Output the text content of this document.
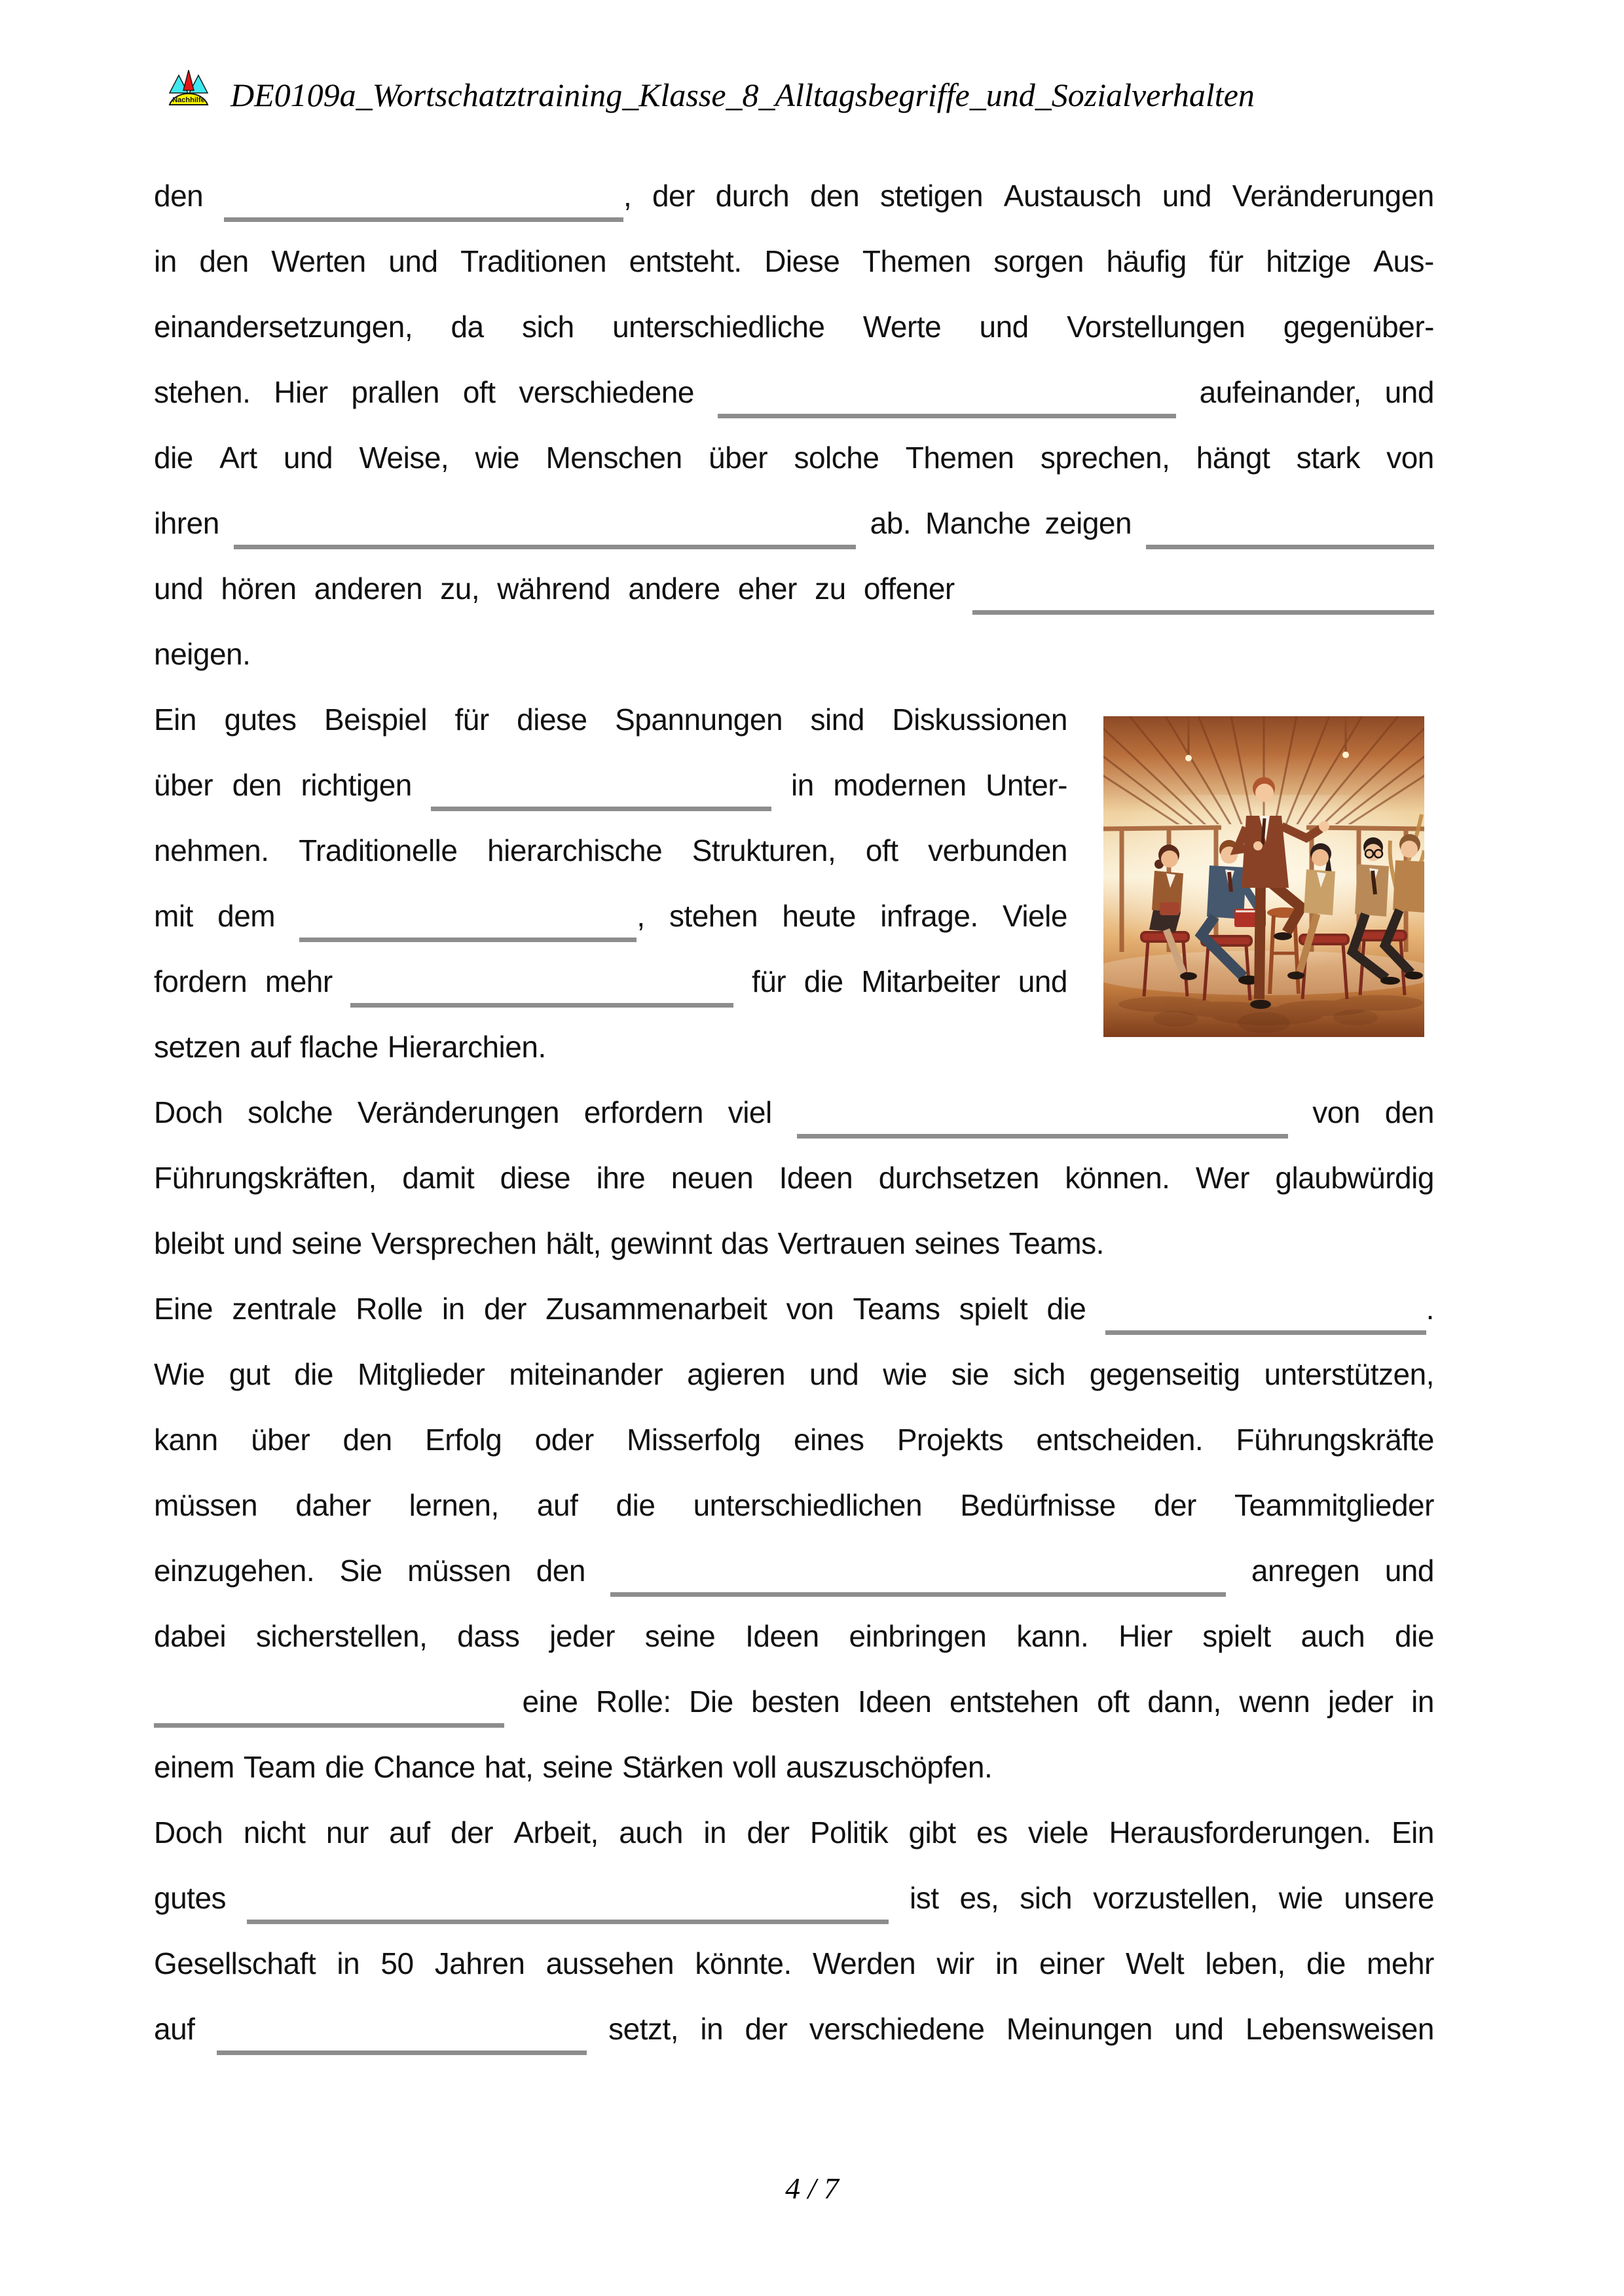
Nachhilfe DE0109a_Wortschatztraining_Klasse_8_Alltagsbegriffe_und_Sozialverhalten
den	, der durch den stetigen Austausch und Veränderungen
in den Werten und Traditionen entsteht. Diese Themen sorgen häufig für hitzige Aus-
einandersetzungen, da sich unterschiedliche Werte und Vorstellungen gegenüber-
stehen. Hier prallen oft verschiedene	aufeinander, und
die Art und Weise, wie Menschen über solche Themen sprechen, hängt stark von
ihren	ab. Manche zeigen
und hören anderen zu, während andere eher zu offener
neigen.
Ein gutes Beispiel für diese Spannungen sind Diskussionen
über den richtigen	in modernen Unter-
nehmen. Traditionelle hierarchische Strukturen, oft verbunden
mit dem	, stehen heute infrage. Viele
fordern mehr	für die Mitarbeiter und
setzen auf flache Hierarchien.
Doch solche Veränderungen erfordern viel	von den
Führungskräften, damit diese ihre neuen Ideen durchsetzen können. Wer glaubwürdig
bleibt und seine Versprechen hält, gewinnt das Vertrauen seines Teams.
Eine zentrale Rolle in der Zusammenarbeit von Teams spielt die	.
Wie gut die Mitglieder miteinander agieren und wie sie sich gegenseitig unterstützen,
kann über den Erfolg oder Misserfolg eines Projekts entscheiden. Führungskräfte
müssen daher lernen, auf die unterschiedlichen Bedürfnisse der Teammitglieder
einzugehen. Sie müssen den	anregen und
dabei sicherstellen, dass jeder seine Ideen einbringen kann. Hier spielt auch die
eine Rolle: Die besten Ideen entstehen oft dann, wenn jeder in
einem Team die Chance hat, seine Stärken voll auszuschöpfen.
Doch nicht nur auf der Arbeit, auch in der Politik gibt es viele Herausforderungen. Ein
gutes	ist es, sich vorzustellen, wie unsere
Gesellschaft in 50 Jahren aussehen könnte. Werden wir in einer Welt leben, die mehr
auf	setzt, in der verschiedene Meinungen und Lebensweisen
4 / 7
